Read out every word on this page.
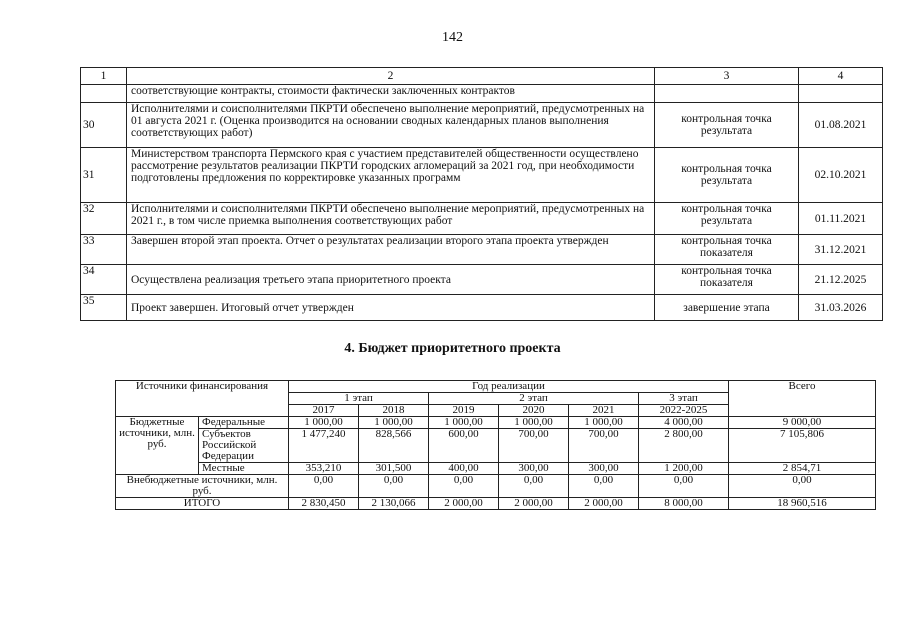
142
1	2	3	4
	соответствующие контракты, стоимости фактически заключенных контрактов		
30	Исполнителями и соисполнителями ПКРТИ обеспечено выполнение мероприятий, предусмотренных на 01 августа 2021 г. (Оценка производится на основании сводных календарных планов выполнения соответствующих работ)	контрольная точка результата	01.08.2021
31	Министерством транспорта Пермского края с участием представителей общественности осуществлено рассмотрение результатов реализации ПКРТИ городских агломераций за 2021 год, при необходимости подготовлены предложения по корректировке указанных программ	контрольная точка результата	02.10.2021
32	Исполнителями и соисполнителями ПКРТИ обеспечено выполнение мероприятий, предусмотренных на 2021 г., в том числе приемка выполнения соответствующих работ	контрольная точка результата	01.11.2021
33	Завершен второй этап проекта. Отчет о результатах реализации второго этапа проекта утвержден	контрольная точка показателя	31.12.2021
34	Осуществлена реализация третьего этапа приоритетного проекта	контрольная точка показателя	21.12.2025
35	Проект завершен. Итоговый отчет утвержден	завершение этапа	31.03.2026
4. Бюджет приоритетного проекта
Источники финансирования		Год реализации						Всего
		1 этап		2 этап			3 этап	
		2017	2018	2019	2020	2021	2022-2025	
Бюджетные источники, млн. руб.	Федеральные	1 000,00	1 000,00	1 000,00	1 000,00	1 000,00	4 000,00	9 000,00
	Субъектов Российской Федерации	1 477,240	828,566	600,00	700,00	700,00	2 800,00	7 105,806
	Местные	353,210	301,500	400,00	300,00	300,00	1 200,00	2 854,71
Внебюджетные источники, млн. руб.		0,00	0,00	0,00	0,00	0,00	0,00	0,00
ИТОГО		2 830,450	2 130,066	2 000,00	2 000,00	2 000,00	8 000,00	18 960,516
